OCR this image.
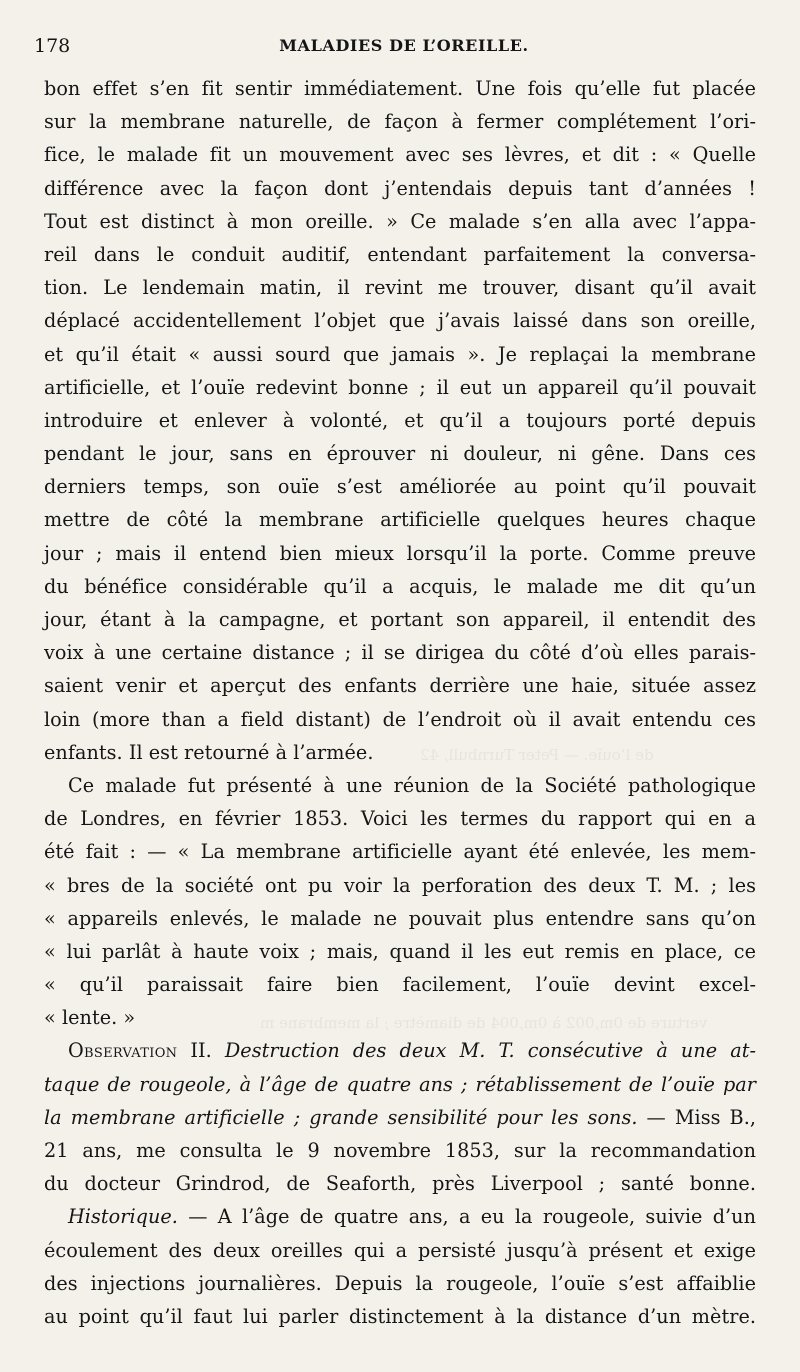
de l’ouïe. — Peter Turnbull, 42
verture de 0m,002 à 0m,004 de diamètre ; la membrane m
178	MALADIES DE L’OREILLE.
bon effet s’en fit sentir immédiatement. Une fois qu’elle fut placée
sur la membrane naturelle, de façon à fermer complétement l’ori-
fice, le malade fit un mouvement avec ses lèvres, et dit : « Quelle
différence avec la façon dont j’entendais depuis tant d’années !
Tout est distinct à mon oreille. » Ce malade s’en alla avec l’appa-
reil dans le conduit auditif, entendant parfaitement la conversa-
tion. Le lendemain matin, il revint me trouver, disant qu’il avait
déplacé accidentellement l’objet que j’avais laissé dans son oreille,
et qu’il était « aussi sourd que jamais ». Je replaçai la membrane
artificielle, et l’ouïe redevint bonne ; il eut un appareil qu’il pouvait
introduire et enlever à volonté, et qu’il a toujours porté depuis
pendant le jour, sans en éprouver ni douleur, ni gêne. Dans ces
derniers temps, son ouïe s’est améliorée au point qu’il pouvait
mettre de côté la membrane artificielle quelques heures chaque
jour ; mais il entend bien mieux lorsqu’il la porte. Comme preuve
du bénéfice considérable qu’il a acquis, le malade me dit qu’un
jour, étant à la campagne, et portant son appareil, il entendit des
voix à une certaine distance ; il se dirigea du côté d’où elles parais-
saient venir et aperçut des enfants derrière une haie, située assez
loin (more than a field distant) de l’endroit où il avait entendu ces
enfants. Il est retourné à l’armée.
Ce malade fut présenté à une réunion de la Société pathologique
de Londres, en février 1853. Voici les termes du rapport qui en a
été fait : — « La membrane artificielle ayant été enlevée, les mem-
« bres de la société ont pu voir la perforation des deux T. M. ; les
« appareils enlevés, le malade ne pouvait plus entendre sans qu’on
« lui parlât à haute voix ; mais, quand il les eut remis en place, ce
« qu’il paraissait faire bien facilement, l’ouïe devint excel-
« lente. »
Observation II. Destruction des deux M. T. consécutive à une at-
taque de rougeole, à l’âge de quatre ans ; rétablissement de l’ouïe par
la membrane artificielle ; grande sensibilité pour les sons. — Miss B.,
21 ans, me consulta le 9 novembre 1853, sur la recommandation
du docteur Grindrod, de Seaforth, près Liverpool ; santé bonne.
Historique. — A l’âge de quatre ans, a eu la rougeole, suivie d’un
écoulement des deux oreilles qui a persisté jusqu’à présent et exige
des injections journalières. Depuis la rougeole, l’ouïe s’est affaiblie
au point qu’il faut lui parler distinctement à la distance d’un mètre.
